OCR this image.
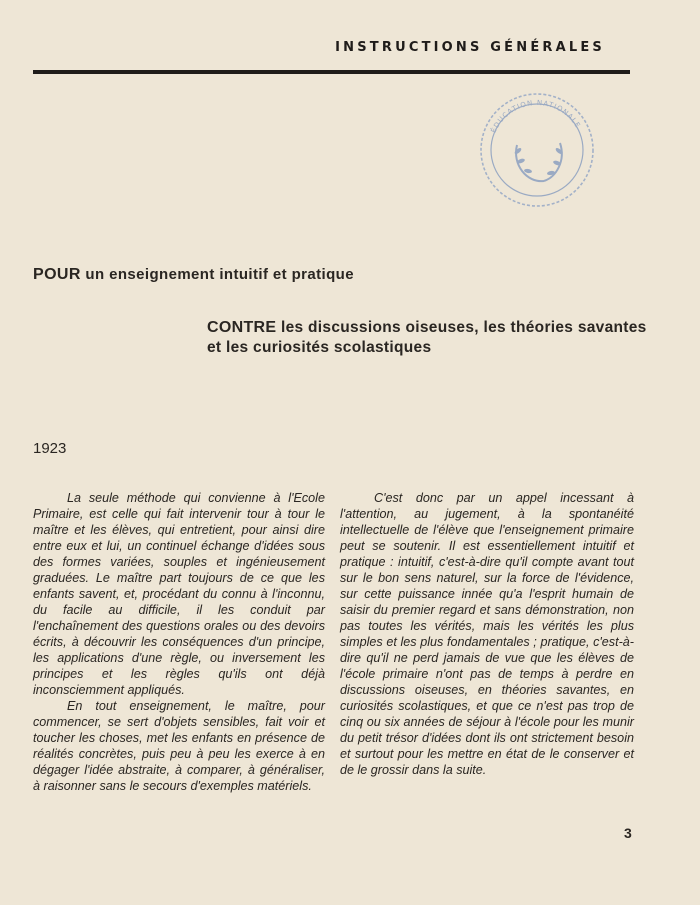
INSTRUCTIONS GÉNÉRALES
ÉDUCATION NATIONALE
POUR un enseignement intuitif et pratique
CONTRE les discussions oiseuses, les théories savantes et les curiosités scolastiques
1923

La seule méthode qui convienne à l'Ecole Primaire, est celle qui fait intervenir tour à tour le maître et les élèves, qui entretient, pour ainsi dire entre eux et lui, un continuel échange d'idées sous des formes variées, souples et ingénieusement graduées. Le maître part toujours de ce que les enfants savent, et, procédant du connu à l'inconnu, du facile au difficile, il les conduit par l'enchaînement des questions orales ou des devoirs écrits, à découvrir les conséquences d'un principe, les applications d'une règle, ou inversement les principes et les règles qu'ils ont déjà inconsciemment appliqués.

En tout enseignement, le maître, pour commencer, se sert d'objets sensibles, fait voir et toucher les choses, met les enfants en présence de réalités concrètes, puis peu à peu les exerce à en dégager l'idée abstraite, à comparer, à généraliser, à raisonner sans le secours d'exemples matériels.

C'est donc par un appel incessant à l'attention, au jugement, à la spontanéité intellectuelle de l'élève que l'enseignement primaire peut se soutenir. Il est essentiellement intuitif et pratique : intuitif, c'est-à-dire qu'il compte avant tout sur le bon sens naturel, sur la force de l'évidence, sur cette puissance innée qu'a l'esprit humain de saisir du premier regard et sans démonstration, non pas toutes les vérités, mais les vérités les plus simples et les plus fondamentales ; pratique, c'est-à-dire qu'il ne perd jamais de vue que les élèves de l'école primaire n'ont pas de temps à perdre en discussions oiseuses, en théories savantes, en curiosités scolastiques, et que ce n'est pas trop de cinq ou six années de séjour à l'école pour les munir du petit trésor d'idées dont ils ont strictement besoin et surtout pour les mettre en état de le conserver et de le grossir dans la suite.

3
